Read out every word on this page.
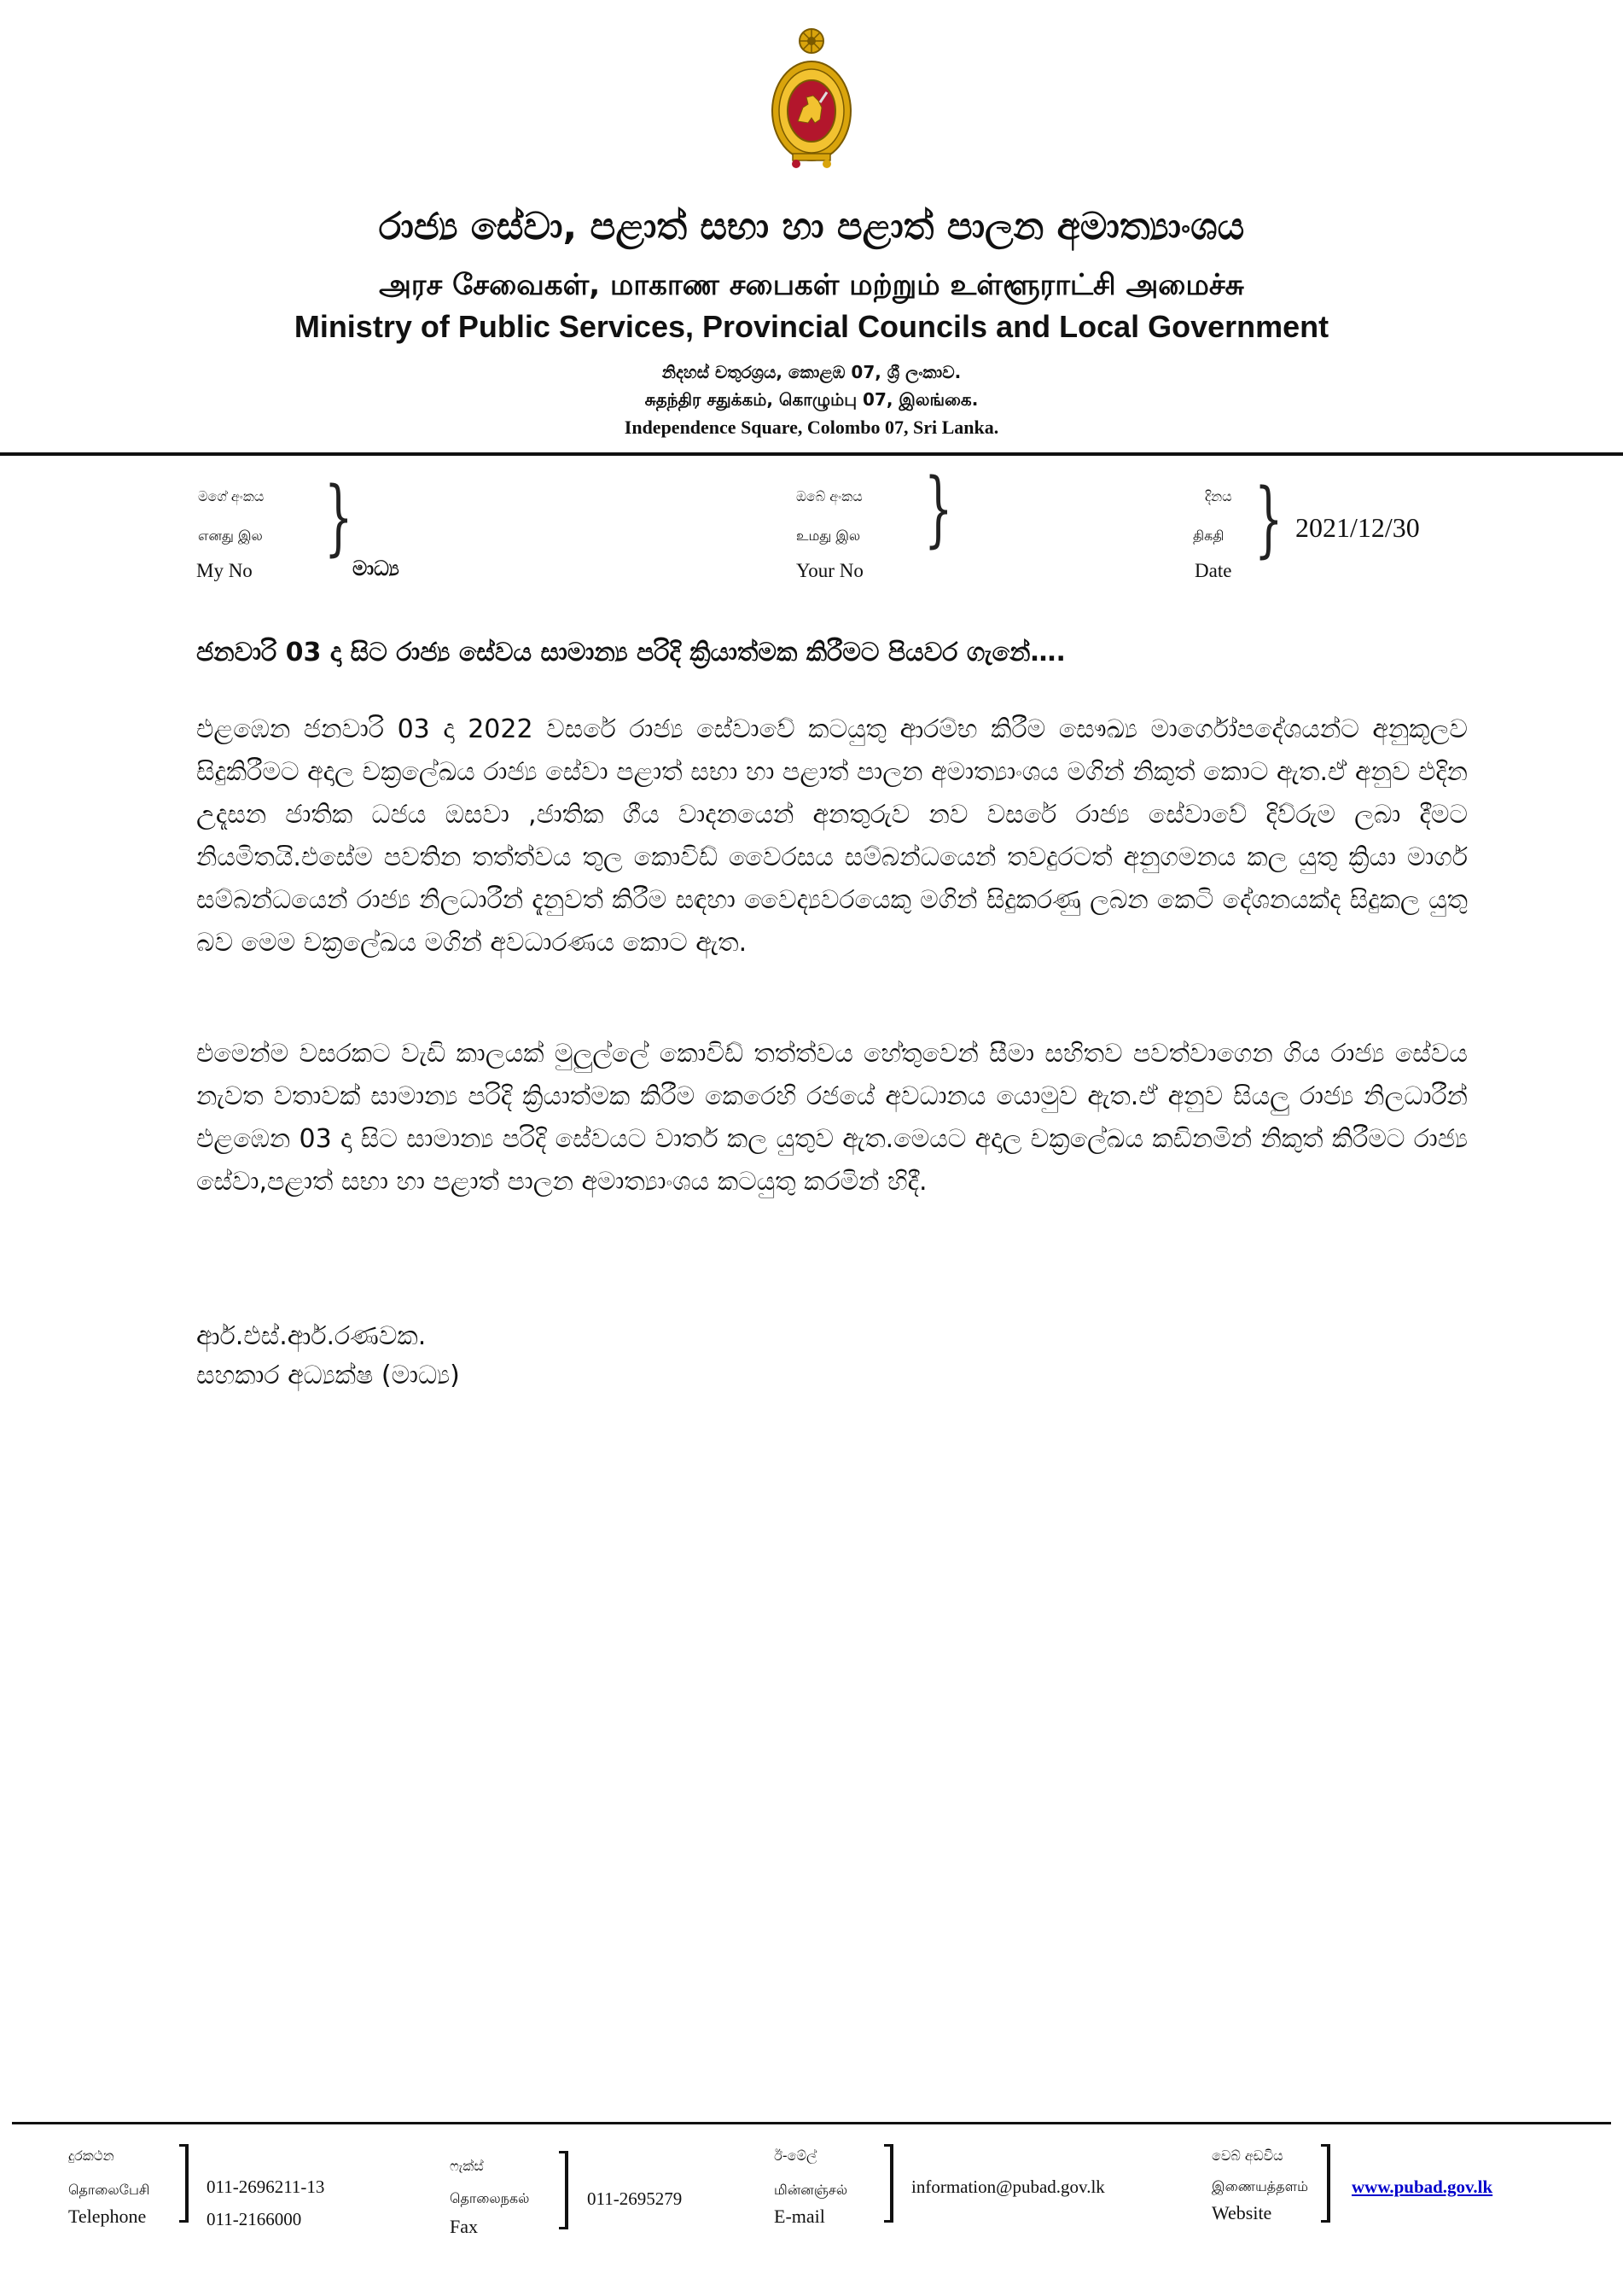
රාජ්‍ය සේවා, පළාත් සභා හා පළාත් පාලන අමාත්‍යාංශය
அரச சேவைகள், மாகாண சபைகள் மற்றும் உள்ளூராட்சி அமைச்சு
Ministry of Public Services, Provincial Councils and Local Government
නිදහස් චතුරශ්‍රය, කොළඹ 07, ශ්‍රී ලංකාව.
சுதந்திர சதுக்கம், கொழும்பு 07, இலங்கை.
Independence Square, Colombo 07, Sri Lanka.
මගේ අංකය
எனது இல
My No
}
මාධ්‍ය
ඔබේ අංකය
உமது இல
Your No
}	දිනය
திகதி
Date
} 2021/12/30
ජනවාරි 03 දා සිට රාජ්‍ය සේවය සාමාන්‍ය පරිදි ක්‍රියාත්මක කිරීමට පියවර ගැනේ….
එළඹෙන ජනවාරි 03 දා 2022 වසරේ රාජ්‍ය සේවාවේ කටයුතු ආරම්භ කිරීම සෞඛ්‍ය මාර්ගෝපදේශයන්ට අනුකූලව සිදුකිරීමට අදාල චක්‍රලේඛය රාජ්‍ය සේවා පළාත් සභා හා පළාත් පාලන අමාත්‍යාංශය මගින් නිකුත් කොට ඇත.ඒ අනුව එදින උදෑසන ජාතික ධජය ඔසවා ,ජාතික ගීය වාදනයෙන් අනතුරුව නව වසරේ රාජ්‍ය සේවාවේ දිව්රුම ලබා දීමට නියමිතයි.එසේම පවතින තත්ත්වය තුල කොවිඩ් වෛරසය සම්බන්ධයෙන් තවදුරටත් අනුගමනය කල යුතු ක්‍රියා මාර්ග සම්බන්ධයෙන් රාජ්‍ය නිලධාරීන් දැනුවත් කිරීම සඳහා වෛද්‍යවරයෙකු මගින් සිදුකරණු ලබන කෙටි දේශනයක්ද සිදුකල යුතු බව මෙම චක්‍රලේඛය මගින් අවධාරණය කොට ඇත.
එමෙන්ම වසරකට වැඩි කාලයක් මුලුල්ලේ කොවිඩ් තත්ත්වය හේතුවෙන් සීමා සහිතව පවත්වාගෙන ගිය රාජ්‍ය සේවය නැවත වතාවක් සාමාන්‍ය පරිදි ක්‍රියාත්මක කිරීම කෙරෙහි රජයේ අවධානය යොමුව ඇත.ඒ අනුව සියලු රාජ්‍ය නිලධාරීන් එළඹෙන 03 දා සිට සාමාන්‍ය පරිදි සේවයට වාර්ත කල යුතුව ඇත.මෙයට අදාල චක්‍රලේඛය කඩිනමින් නිකුත් කිරීමට රාජ්‍ය සේවා,පළාත් සභා හා පළාත් පාලන අමාත්‍යාංශය කටයුතු කරමින් හිදී.
ආර්.එස්.ආර්.රණවක.
සහකාර අධ්‍යක්ෂ (මාධ්‍ය)
දුරකථන
தொலைபேசி
Telephone
011-2696211-13
011-2166000
ෆැක්ස්
தொலைநகல்
Fax
011-2695279
ඊ-මේල්
மின்னஞ்சல்
E-mail
information@pubad.gov.lk
වෙබ් අඩවිය
இணையத்தளம்
Website
www.pubad.gov.lk
